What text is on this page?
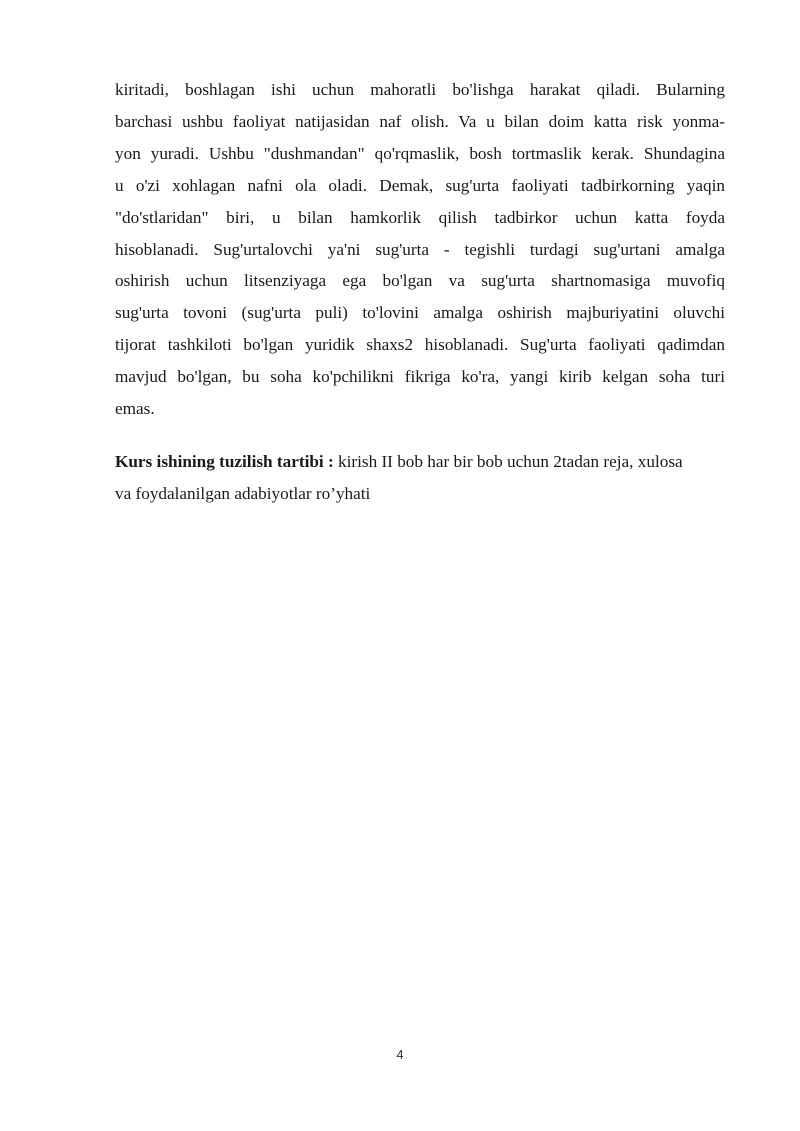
kiritadi, boshlagan ishi uchun mahoratli bo'lishga harakat qiladi. Bularning
barchasi ushbu faoliyat natijasidan naf olish. Va u bilan doim katta risk yonma-
yon yuradi. Ushbu "dushmandan" qo'rqmaslik, bosh tortmaslik kerak. Shundagina
u o'zi xohlagan nafni ola oladi. Demak, sug'urta faoliyati tadbirkorning yaqin
"do'stlaridan" biri, u bilan hamkorlik qilish tadbirkor uchun katta foyda
hisoblanadi. Sug'urtalovchi ya'ni sug'urta - tegishli turdagi sug'urtani amalga
oshirish uchun litsenziyaga ega bo'lgan va sug'urta shartnomasiga muvofiq
sug'urta tovoni (sug'urta puli) to'lovini amalga oshirish majburiyatini oluvchi
tijorat tashkiloti bo'lgan yuridik shaxs2 hisoblanadi. Sug'urta faoliyati qadimdan
mavjud bo'lgan, bu soha ko'pchilikni fikriga ko'ra, yangi kirib kelgan soha turi
emas.
Kurs ishining tuzilish tartibi : kirish II bob har bir bob uchun 2tadan reja, xulosa
va foydalanilgan adabiyotlar ro’yhati
4
